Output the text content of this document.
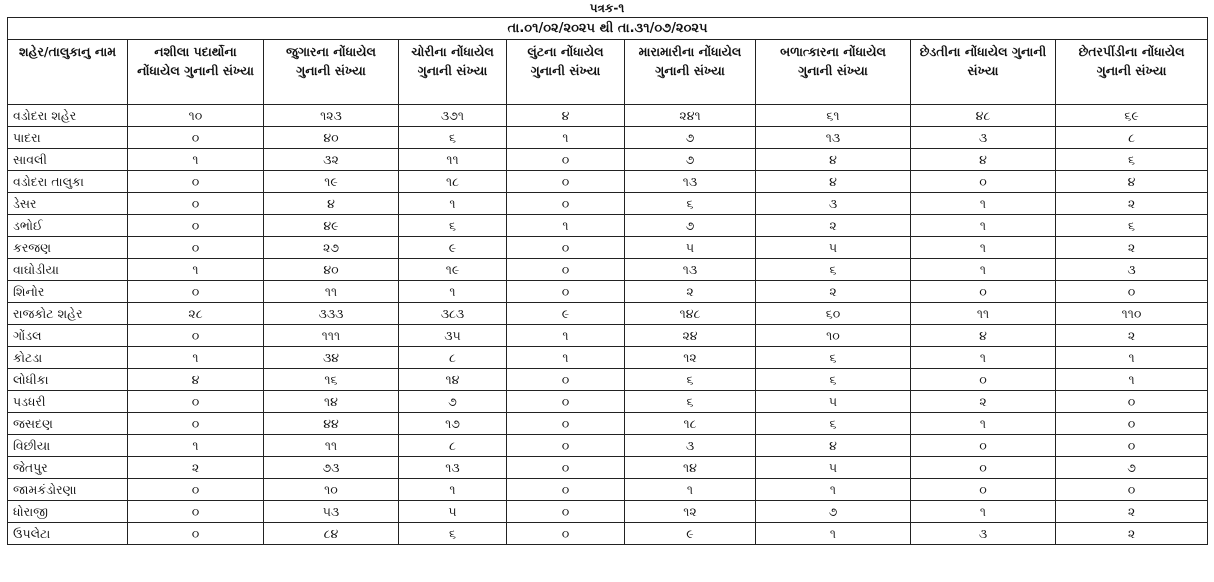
પત્રક-૧
તા.૦૧/૦૨/૨૦૨૫ થી તા.૩૧/૦૭/૨૦૨૫								
શહેર/તાલુકાનુ નામ	નશીલા પદાર્થોના નોંધાયેલ ગુનાની સંખ્યા	જુગારના નોંધાયેલ ગુનાની સંખ્યા	ચોરીના નોંધાયેલ ગુનાની સંખ્યા	લુંટના નોંધાયેલ ગુનાની સંખ્યા	મારામારીના નોંધાયેલ ગુનાની સંખ્યા	બળાત્કારના નોંધાયેલ ગુનાની સંખ્યા	છેડતીના નોંધાયેલ ગુનાની સંખ્યા	છેતરપીંડીના નોંધાયેલ ગુનાની સંખ્યા
વડોદરા શહેર	૧૦	૧૨૩	૩૭૧	૪	૨૪૧	૬૧	૪૮	૬૯
પાદરા	૦	૪૦	૬	૧	૭	૧૩	૩	૮
સાવલી	૧	૩૨	૧૧	૦	૭	૪	૪	૬
વડોદરા તાલુકા	૦	૧૯	૧૮	૦	૧૩	૪	૦	૪
ડેસર	૦	૪	૧	૦	૬	૩	૧	૨
ડભોઈ	૦	૪૯	૬	૧	૭	૨	૧	૬
કરજણ	૦	૨૭	૯	૦	૫	૫	૧	૨
વાઘોડીયા	૧	૪૦	૧૯	૦	૧૩	૬	૧	૩
શિનોર	૦	૧૧	૧	૦	૨	૨	૦	૦
રાજકોટ શહેર	૨૮	૩૩૩	૩૮૩	૯	૧૪૮	૬૦	૧૧	૧૧૦
ગોંડલ	૦	૧૧૧	૩૫	૧	૨૪	૧૦	૪	૨
કોટડા	૧	૩૪	૮	૧	૧૨	૬	૧	૧
લોધીકા	૪	૧૬	૧૪	૦	૬	૬	૦	૧
પડધરી	૦	૧૪	૭	૦	૬	૫	૨	૦
જસદણ	૦	૪૪	૧૭	૦	૧૮	૬	૧	૦
વિછીયા	૧	૧૧	૮	૦	૩	૪	૦	૦
જેતપુર	૨	૭૩	૧૩	૦	૧૪	૫	૦	૭
જામકંડોરણા	૦	૧૦	૧	૦	૧	૧	૦	૦
ધોરાજી	૦	૫૩	૫	૦	૧૨	૭	૧	૨
ઉપલેટા	૦	૮૪	૬	૦	૯	૧	૩	૨
